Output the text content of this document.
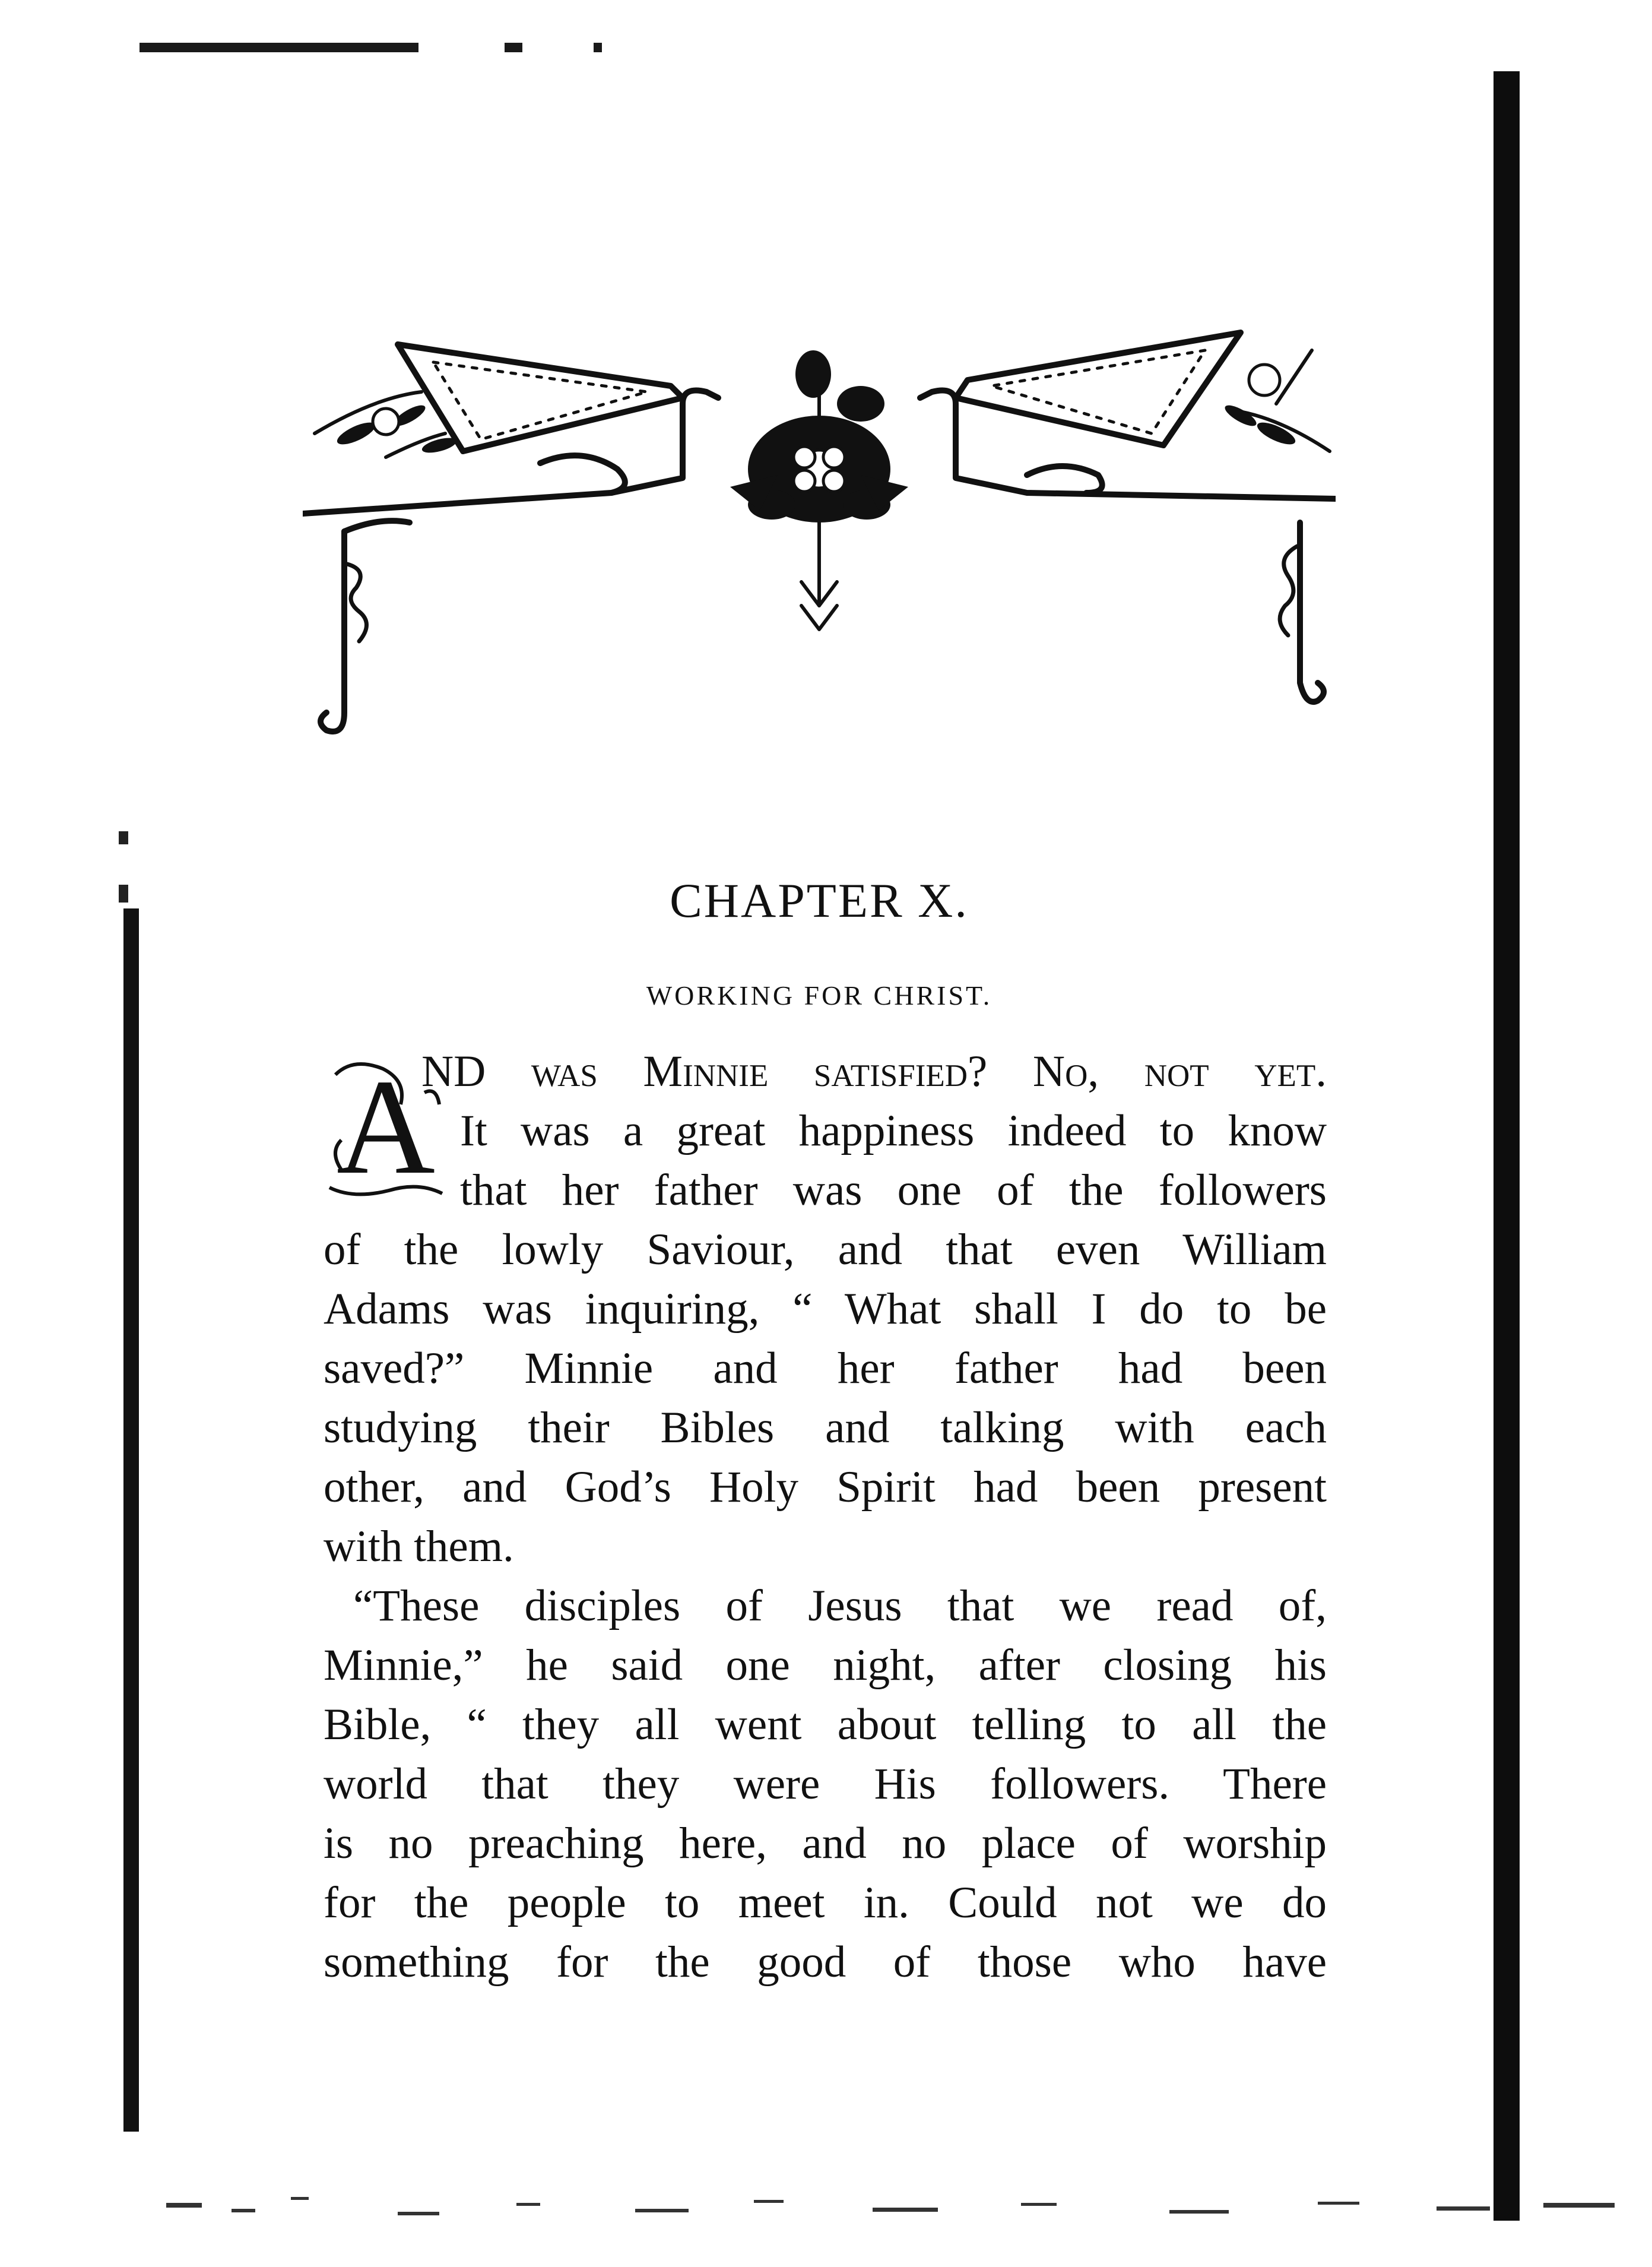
CHAPTER X.
WORKING FOR CHRIST.
A

ND was Minnie satisfied? No, not yet.

It was a great happiness indeed to know

that her father was one of the followers

of the lowly Saviour, and that even William

Adams was inquiring, “ What shall I do to be

saved?” Minnie and her father had been

studying their Bibles and talking with each

other, and God’s Holy Spirit had been present

with them.

“These disciples of Jesus that we read of,

Minnie,” he said one night, after closing his

Bible, “ they all went about telling to all the

world that they were His followers. There

is no preaching here, and no place of worship

for the people to meet in. Could not we do

something for the good of those who have
